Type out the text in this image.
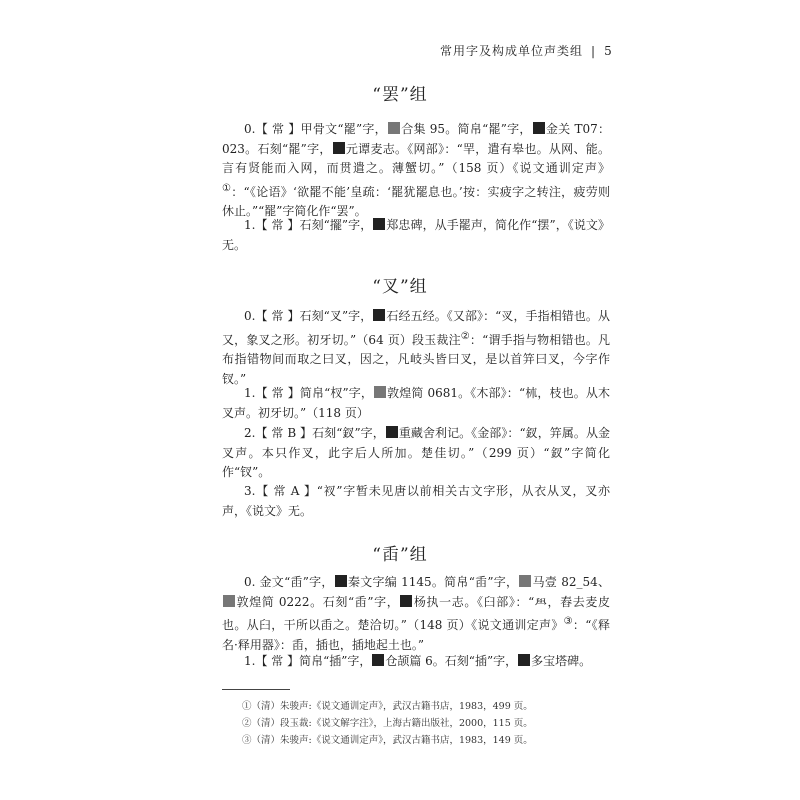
常用字及构成单位声类组 | 5
“罢”组
0.【 常 】甲骨文“罷”字， 合集 95。简帛“罷”字， 金关 T07：023。石刻“罷”字， 元谭麦志。《网部》：“䍐，遣有皋也。从网、能。言有贤能而入网，而贯遣之。薄蟹切。”（158 页）《说文通训定声》①：“《论语》‘欲罷不能’皇疏：‘罷犹罷息也。’按：实疲字之转注，疲劳则休止。”“罷”字简化作“罢”。
1.【 常 】石刻“擺”字， 郑忠碑，从手罷声，简化作“摆”，《说文》无。
“叉”组
0.【 常 】石刻“叉”字， 石经五经。《又部》：“㕚，手指相错也。从又，象叉之形。初牙切。”（64 页）段玉裁注②：“谓手指与物相错也。凡布指错物间而取之曰叉，因之，凡岐头皆曰叉，是以首笄曰叉，今字作钗。”
1.【 常 】简帛“杈”字， 敦煌简 0681。《木部》：“𣏕，枝也。从木叉声。初牙切。”（118 页）
2.【 常 B 】石刻“釵”字， 重藏舍利记。《金部》：“釵，笄属。从金叉声。本只作叉，此字后人所加。楚佳切。”（299 页）“釵”字简化作“钗”。
3.【 常 A 】“衩”字暂未见唐以前相关古文字形，从衣从叉，叉亦声，《说文》无。
“臿”组
0. 金文“臿”字， 秦文字编 1145。简帛“臿”字， 马壹 82_54、敦煌简 0222。石刻“臿”字， 杨执一志。《臼部》：“𦥯，舂去麦皮也。从臼，干所以臿之。楚洽切。”（148 页）《说文通训定声》③：“《释名·释用器》：臿，插也，插地起土也。”
1.【 常 】简帛“插”字， 仓颉篇 6。石刻“插”字， 多宝塔碑。
①（清）朱骏声:《说文通训定声》，武汉古籍书店，1983，499 页。
②（清）段玉裁:《说文解字注》，上海古籍出版社，2000，115 页。
③（清）朱骏声:《说文通训定声》，武汉古籍书店，1983，149 页。
